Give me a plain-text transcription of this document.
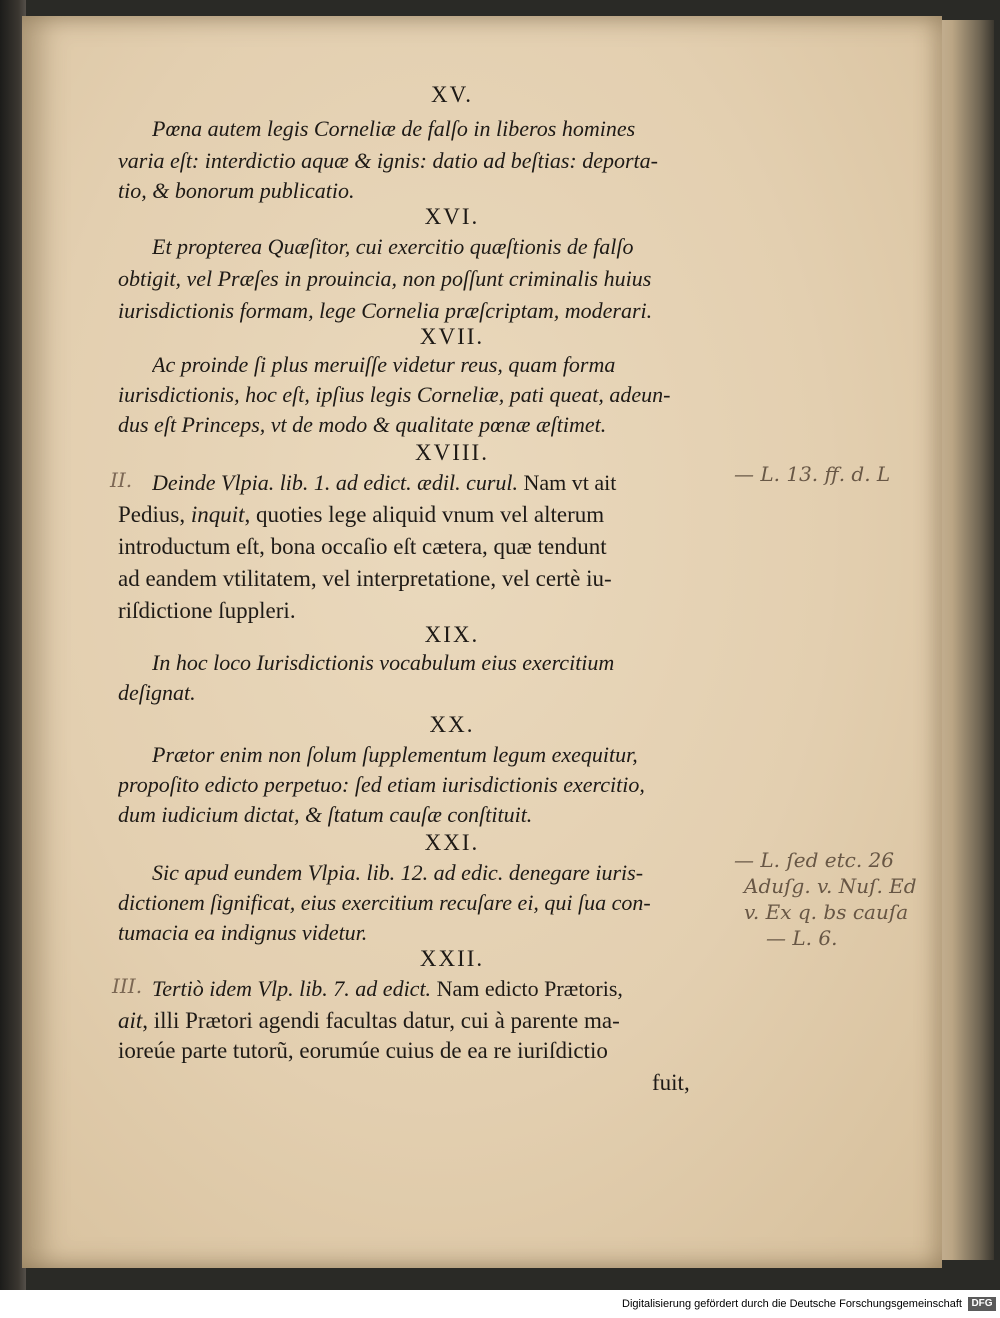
XV.
Pœna autem legis Corneliæ de falſo in liberos homines
varia eſt: interdictio aquæ & ignis: datio ad beſtias: deporta-
tio, & bonorum publicatio.
XVI.
Et propterea Quæſitor, cui exercitio quæſtionis de falſo
obtigit, vel Præſes in prouincia, non poſſunt criminalis huius
iurisdictionis formam, lege Cornelia præſcriptam, moderari.
XVII.
Ac proinde ſi plus meruiſſe videtur reus, quam forma
iurisdictionis, hoc eſt, ipſius legis Corneliæ, pati queat, adeun-
dus eſt Princeps, vt de modo & qualitate pœnæ æſtimet.
XVIII.
II. Deinde Vlpia. lib. 1. ad edict. ædil. curul. Nam vt ait
Pedius, inquit, quoties lege aliquid vnum vel alterum
introductum eſt, bona occaſio eſt cætera, quæ tendunt
ad eandem vtilitatem, vel interpretatione, vel certè iu-
riſdictione ſuppleri.
XIX.
In hoc loco Iurisdictionis vocabulum eius exercitium
deſignat.
XX.
Prætor enim non ſolum ſupplementum legum exequitur,
propoſito edicto perpetuo: ſed etiam iurisdictionis exercitio,
dum iudicium dictat, & ſtatum cauſæ conſtituit.
XXI.
Sic apud eundem Vlpia. lib. 12. ad edic. denegare iuris-
dictionem ſignificat, eius exercitium recuſare ei, qui ſua con-
tumacia ea indignus videtur.
XXII.
III. Tertiò idem Vlp. lib. 7. ad edict. Nam edicto Prætoris,
ait, illi Prætori agendi facultas datur, cui à parente ma-
ioreúe parte tutorũ, eorumúe cuius de ea re iuriſdictio
fuit,
— L. 13. ff. d. L
— L. ſed etc. 26
Aduſg. v. Nuſ. Ed
v. Ex q. bs cauſa
— L. 6.
Digitalisierung gefördert durch die Deutsche Forschungsgemeinschaft DFG
